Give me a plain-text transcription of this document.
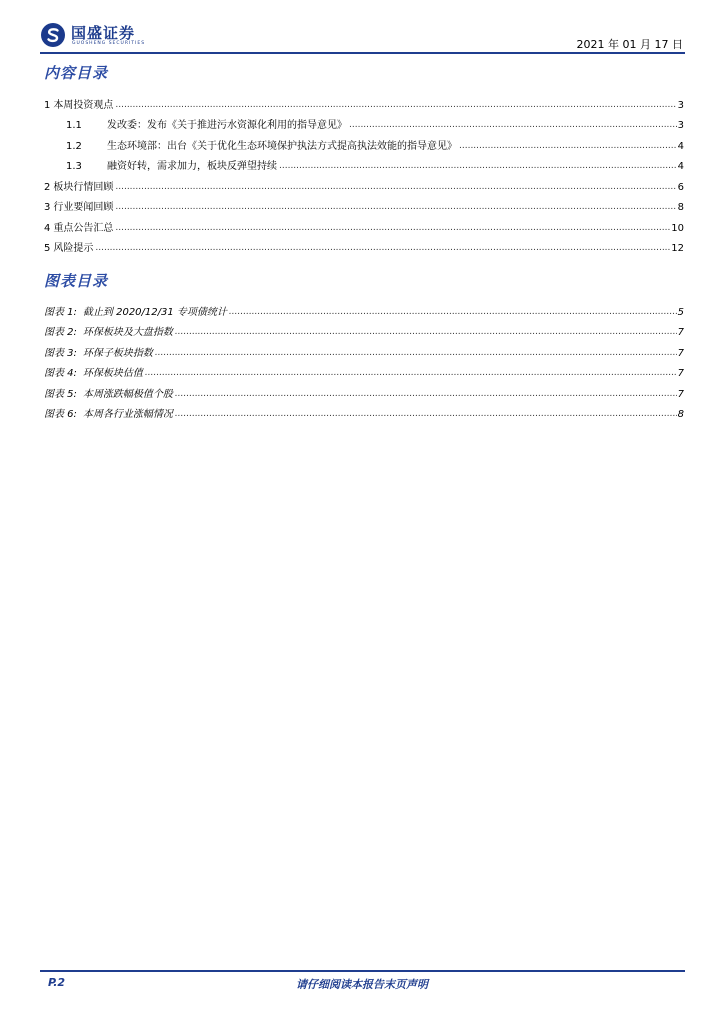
国盛证券
GUOSHENG SECURITIES	2021 年 01 月 17 日
内容目录
1 本周投资观点 .....	3
1.1	发改委：发布《关于推进污水资源化利用的指导意见》 .....	3
1.2	生态环境部：出台《关于优化生态环境保护执法方式提高执法效能的指导意见》 .....	4
1.3	融资好转，需求加力，板块反弹望持续 .....	4
2 板块行情回顾 .....	6
3 行业要闻回顾 .....	8
4 重点公告汇总 .....	10
5 风险提示 .....	12
图表目录
图表 1: 截止到 2020/12/31 专项债统计 .....	5
图表 2: 环保板块及大盘指数 .....	7
图表 3: 环保子板块指数 .....	7
图表 4: 环保板块估值 .....	7
图表 5: 本周涨跌幅极值个股 .....	7
图表 6: 本周各行业涨幅情况 .....	8
P.2	请仔细阅读本报告末页声明
